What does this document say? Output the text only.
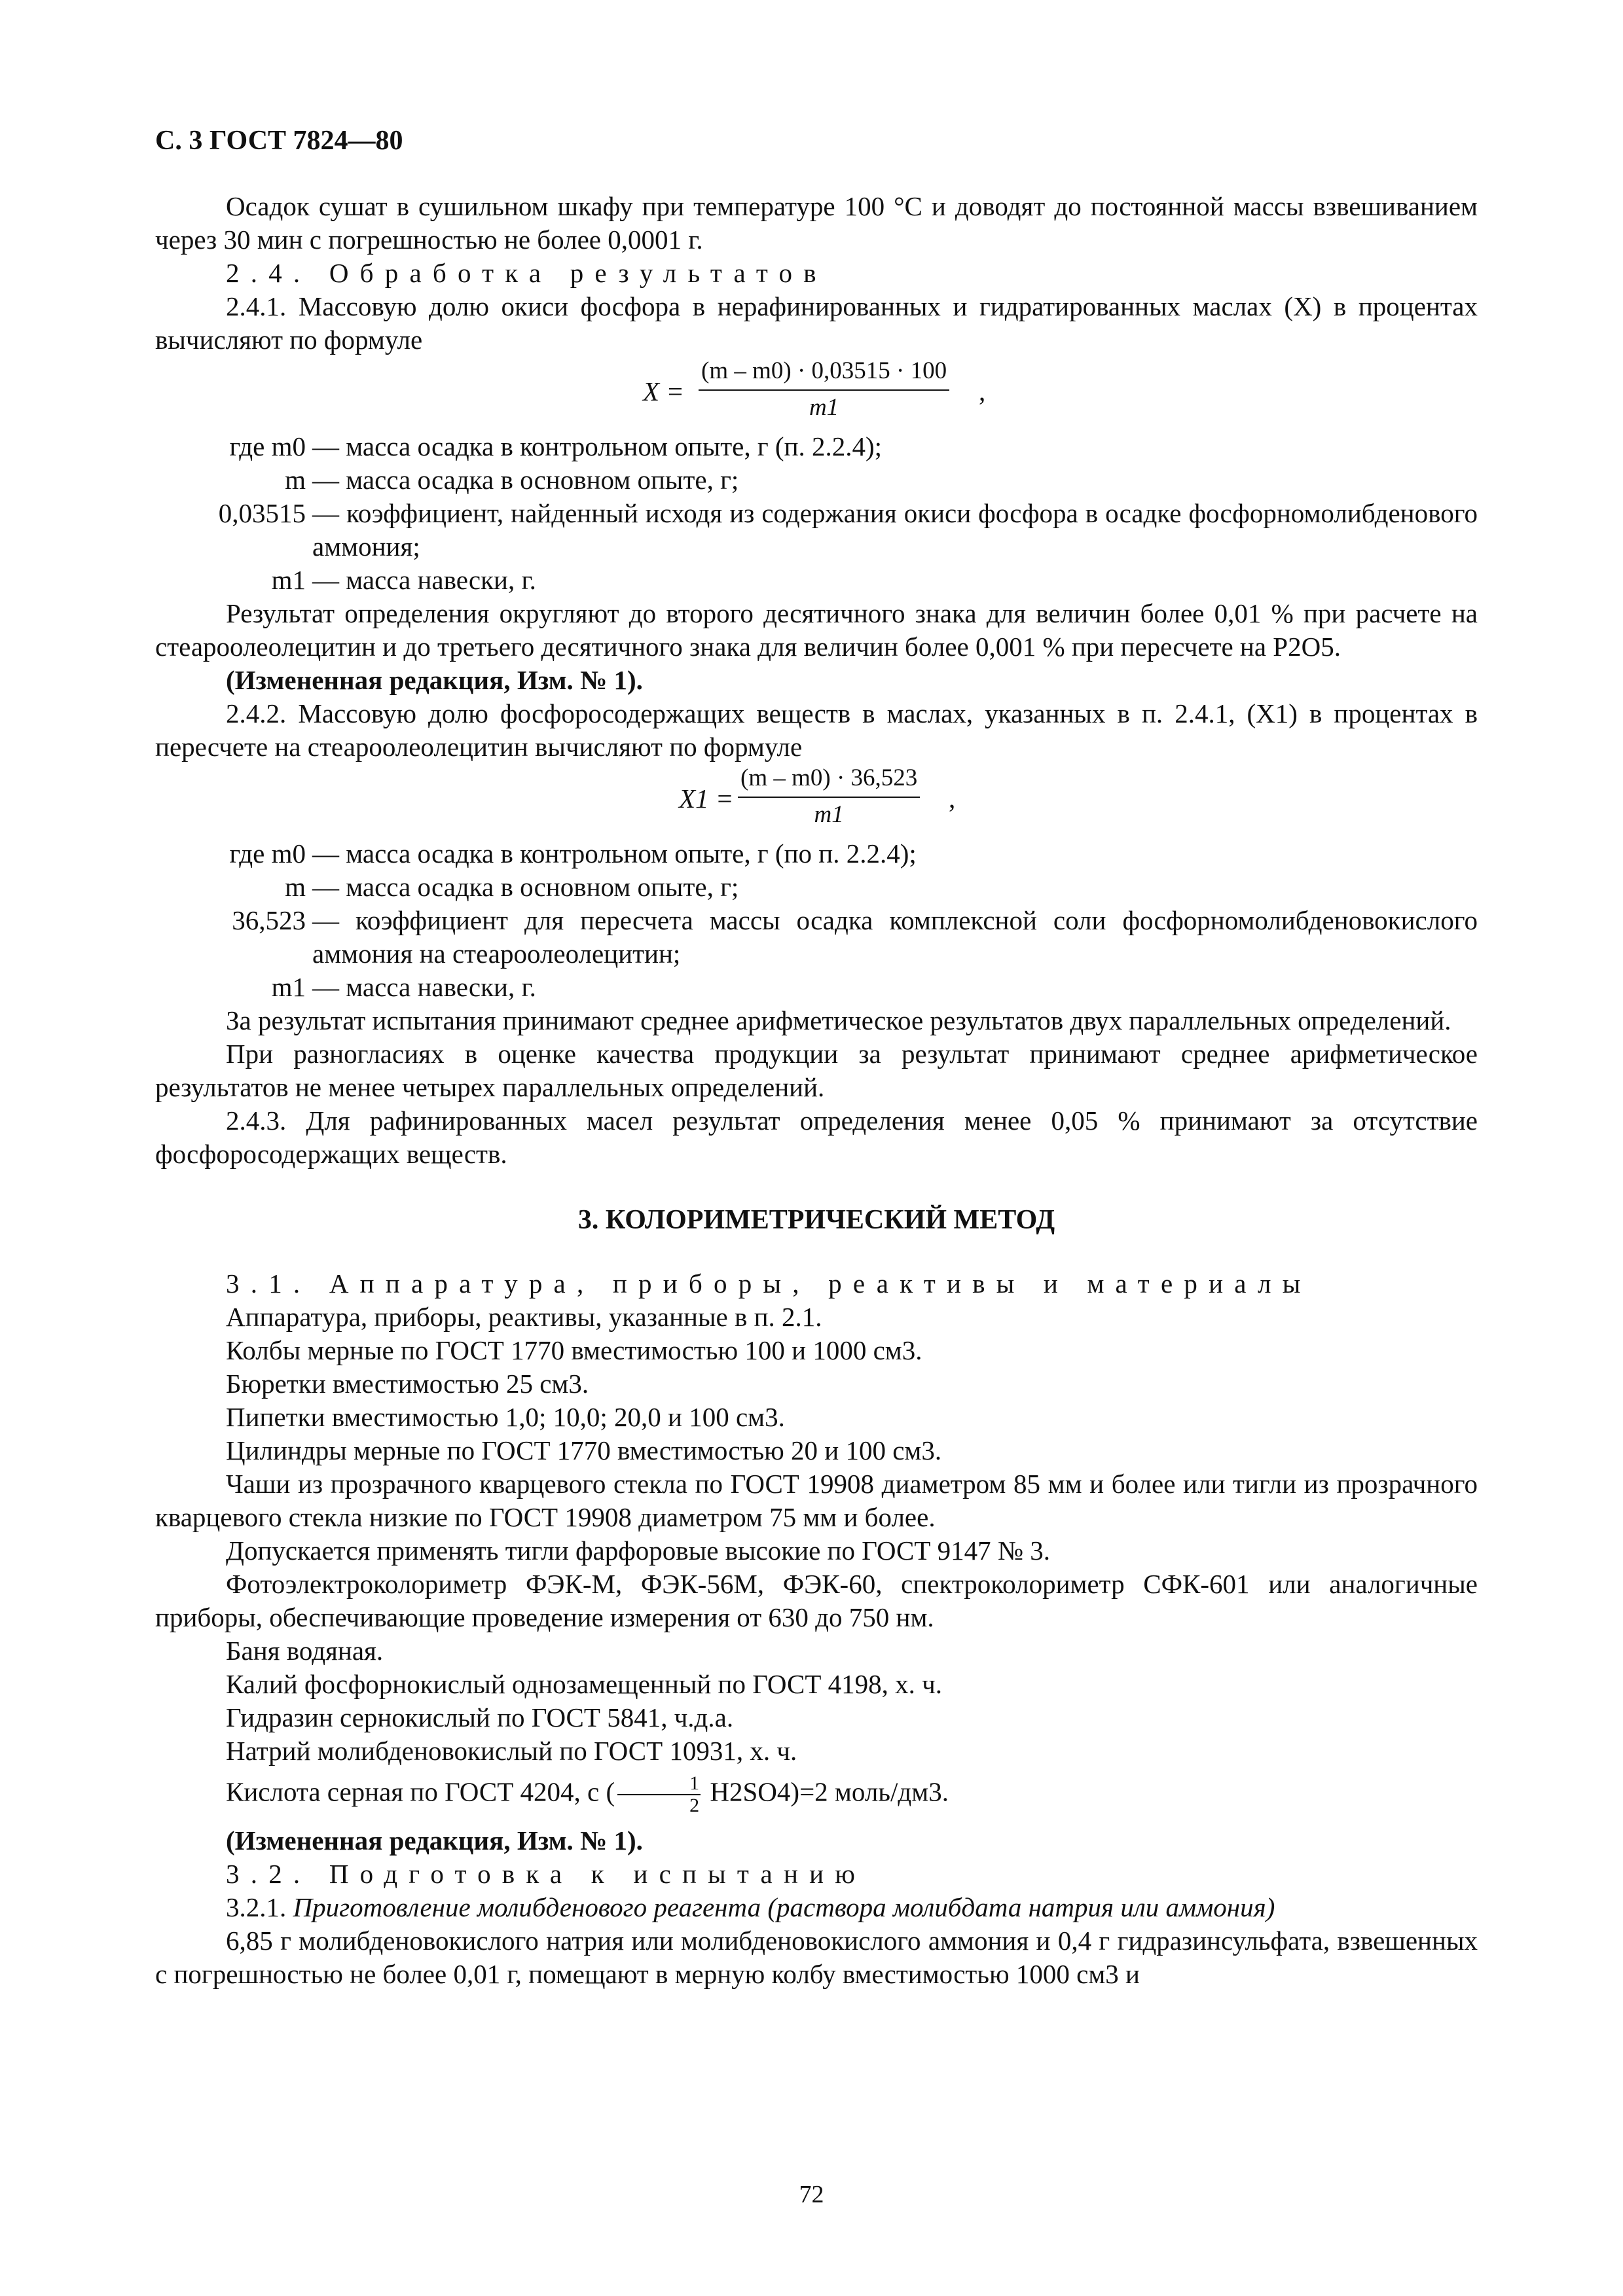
С. 3 ГОСТ 7824—80

Осадок сушат в сушильном шкафу при температуре 100 °С и доводят до постоянной массы взвешиванием через 30 мин с погрешностью не более 0,0001 г.

2.4. Обработка результатов

2.4.1. Массовую долю окиси фосфора в нерафинированных и гидратированных маслах (X) в процентах вычисляют по формуле

$X = \frac{(m - m0) \cdot 0,03515 \cdot 100}{m1}$ ,
где m0 — масса осадка в контрольном опыте, г (п. 2.2.4);
m — масса осадка в основном опыте, г;
0,03515 — коэффициент, найденный исходя из содержания окиси фосфора в осадке фосфорномолибденового аммония;
m1 — масса навески, г.

Результат определения округляют до второго десятичного знака для величин более 0,01 % при расчете на стеароолеолецитин и до третьего десятичного знака для величин более 0,001 % при пересчете на P2O5.

(Измененная редакция, Изм. № 1).

2.4.2. Массовую долю фосфоросодержащих веществ в маслах, указанных в п. 2.4.1, (X1) в процентах в пересчете на стеароолеолецитин вычисляют по формуле

$X1 = \frac{(m - m0) \cdot 36,523}{m1}$ ,
где m0 — масса осадка в контрольном опыте, г (по п. 2.2.4);
m — масса осадка в основном опыте, г;
36,523 — коэффициент для пересчета массы осадка комплексной соли фосфорномолибденовокислого аммония на стеароолеолецитин;
m1 — масса навески, г.

За результат испытания принимают среднее арифметическое результатов двух параллельных определений.

При разногласиях в оценке качества продукции за результат принимают среднее арифметическое результатов не менее четырех параллельных определений.

2.4.3. Для рафинированных масел результат определения менее 0,05 % принимают за отсутствие фосфоросодержащих веществ.

3. КОЛОРИМЕТРИЧЕСКИЙ МЕТОД

3.1. Аппаратура, приборы, реактивы и материалы

Аппаратура, приборы, реактивы, указанные в п. 2.1.

Колбы мерные по ГОСТ 1770 вместимостью 100 и 1000 см3.

Бюретки вместимостью 25 см3.

Пипетки вместимостью 1,0; 10,0; 20,0 и 100 см3.

Цилиндры мерные по ГОСТ 1770 вместимостью 20 и 100 см3.

Чаши из прозрачного кварцевого стекла по ГОСТ 19908 диаметром 85 мм и более или тигли из прозрачного кварцевого стекла низкие по ГОСТ 19908 диаметром 75 мм и более.

Допускается применять тигли фарфоровые высокие по ГОСТ 9147 № 3.

Фотоэлектроколориметр ФЭК-М, ФЭК-56М, ФЭК-60, спектроколориметр СФК-601 или аналогичные приборы, обеспечивающие проведение измерения от 630 до 750 нм.

Баня водяная.

Калий фосфорнокислый однозамещенный по ГОСТ 4198, х. ч.

Гидразин сернокислый по ГОСТ 5841, ч.д.а.

Натрий молибденовокислый по ГОСТ 10931, х. ч.

Кислота серная по ГОСТ 4204, c ( $\frac{1}{2} H2SO4)=2$ моль/дм3.

(Измененная редакция, Изм. № 1).

3.2. Подготовка к испытанию

3.2.1. Приготовление молибденового реагента (раствора молибдата натрия или аммония)

6,85 г молибденовокислого натрия или молибденовокислого аммония и 0,4 г гидразинсульфата, взвешенных с погрешностью не более 0,01 г, помещают в мерную колбу вместимостью 1000 см3 и

72
